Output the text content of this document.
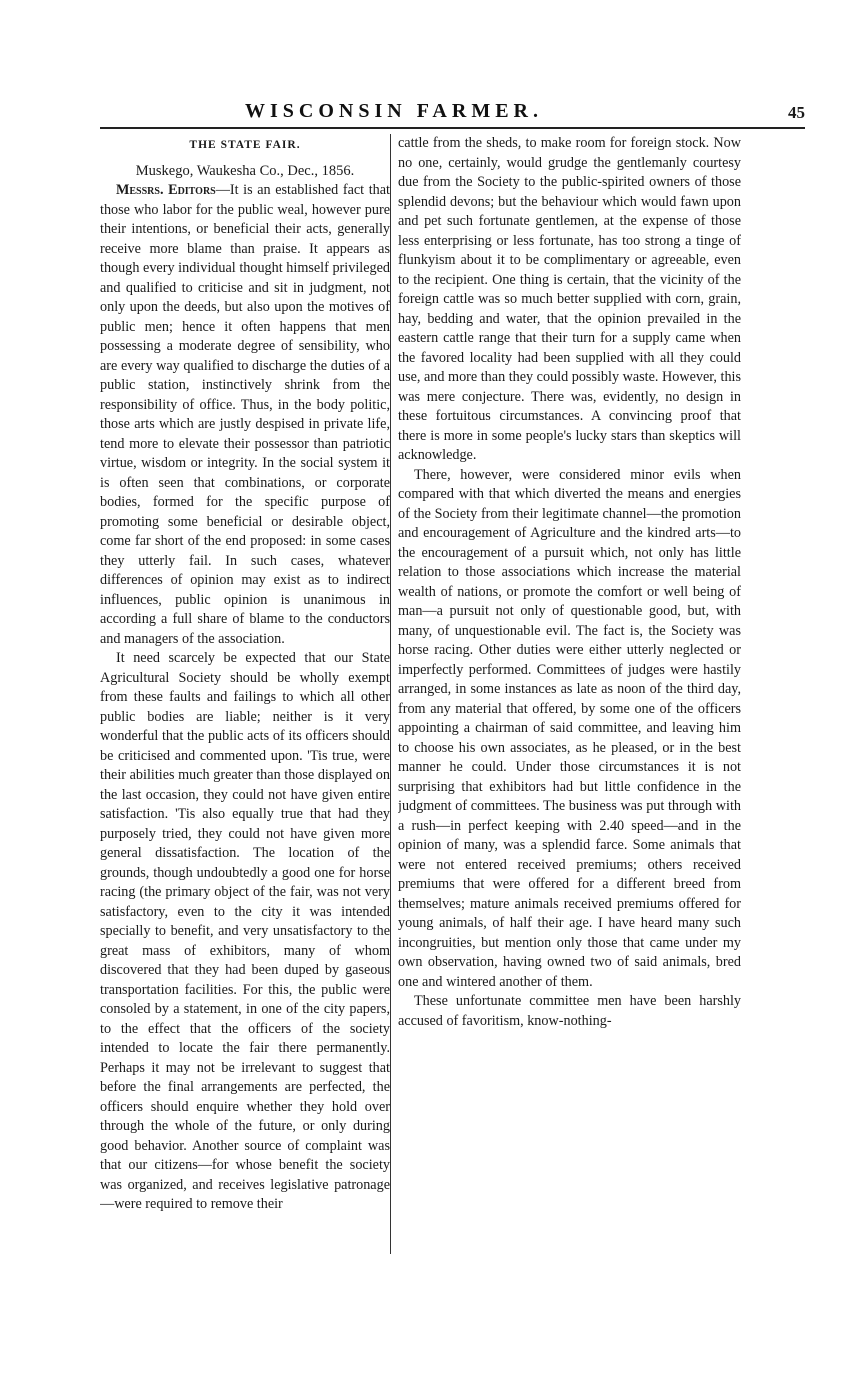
WISCONSIN FARMER.	45
THE STATE FAIR.

Muskego, Waukesha Co., Dec., 1856.

Messrs. Editors—It is an established fact that those who labor for the public weal, however pure their intentions, or beneficial their acts, generally receive more blame than praise. It appears as though every individual thought himself privileged and qualified to criticise and sit in judgment, not only upon the deeds, but also upon the motives of public men; hence it often happens that men possessing a moderate degree of sensibility, who are every way qualified to discharge the duties of a public station, instinctively shrink from the responsibility of office. Thus, in the body politic, those arts which are justly despised in private life, tend more to elevate their possessor than patriotic virtue, wisdom or integrity. In the social system it is often seen that combinations, or corporate bodies, formed for the specific purpose of promoting some beneficial or desirable object, come far short of the end proposed: in some cases they utterly fail. In such cases, whatever differences of opinion may exist as to indirect influences, public opinion is unanimous in according a full share of blame to the conductors and managers of the association.

It need scarcely be expected that our State Agricultural Society should be wholly exempt from these faults and failings to which all other public bodies are liable; neither is it very wonderful that the public acts of its officers should be criticised and commented upon. 'Tis true, were their abilities much greater than those displayed on the last occasion, they could not have given entire satisfaction. 'Tis also equally true that had they purposely tried, they could not have given more general dissatisfaction. The location of the grounds, though undoubtedly a good one for horse racing (the primary object of the fair, was not very satisfactory, even to the city it was intended specially to benefit, and very unsatisfactory to the great mass of exhibitors, many of whom discovered that they had been duped by gaseous transportation facilities. For this, the public were consoled by a statement, in one of the city papers, to the effect that the officers of the society intended to locate the fair there permanently. Perhaps it may not be irrelevant to suggest that before the final arrangements are perfected, the officers should enquire whether they hold over through the whole of the future, or only during good behavior. Another source of complaint was that our citizens—for whose benefit the society was organized, and receives legislative patronage—were required to remove their

cattle from the sheds, to make room for foreign stock. Now no one, certainly, would grudge the gentlemanly courtesy due from the Society to the public-spirited owners of those splendid devons; but the behaviour which would fawn upon and pet such fortunate gentlemen, at the expense of those less enterprising or less fortunate, has too strong a tinge of flunkyism about it to be complimentary or agreeable, even to the recipient. One thing is certain, that the vicinity of the foreign cattle was so much better supplied with corn, grain, hay, bedding and water, that the opinion prevailed in the eastern cattle range that their turn for a supply came when the favored locality had been supplied with all they could use, and more than they could possibly waste. However, this was mere conjecture. There was, evidently, no design in these fortuitous circumstances. A convincing proof that there is more in some people's lucky stars than skeptics will acknowledge.

There, however, were considered minor evils when compared with that which diverted the means and energies of the Society from their legitimate channel—the promotion and encouragement of Agriculture and the kindred arts—to the encouragement of a pursuit which, not only has little relation to those associations which increase the material wealth of nations, or promote the comfort or well being of man—a pursuit not only of questionable good, but, with many, of unquestionable evil. The fact is, the Society was horse racing. Other duties were either utterly neglected or imperfectly performed. Committees of judges were hastily arranged, in some instances as late as noon of the third day, from any material that offered, by some one of the officers appointing a chairman of said committee, and leaving him to choose his own associates, as he pleased, or in the best manner he could. Under those circumstances it is not surprising that exhibitors had but little confidence in the judgment of committees. The business was put through with a rush—in perfect keeping with 2.40 speed—and in the opinion of many, was a splendid farce. Some animals that were not entered received premiums; others received premiums that were offered for a different breed from themselves; mature animals received premiums offered for young animals, of half their age. I have heard many such incongruities, but mention only those that came under my own observation, having owned two of said animals, bred one and wintered another of them.

These unfortunate committee men have been harshly accused of favoritism, know-nothing-
